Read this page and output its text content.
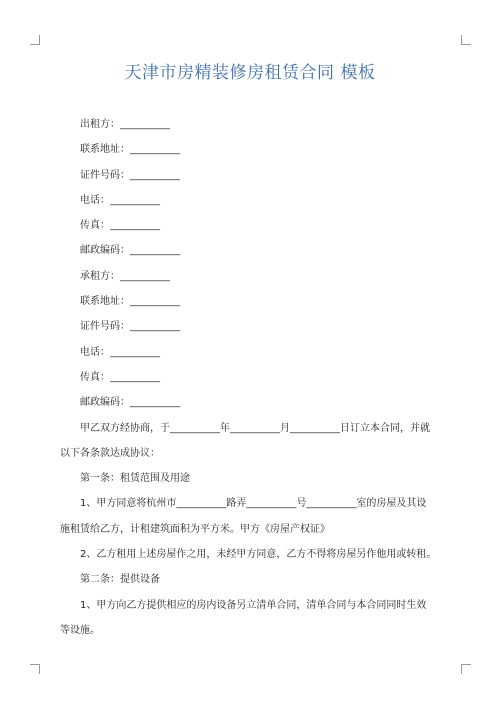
天津市房精装修房租赁合同 模板
出租方：__________
联系地址：__________
证件号码：__________
电话：__________
传真：__________
邮政编码：__________
承租方：__________
联系地址：__________
证件号码：__________
电话：__________
传真：__________
邮政编码：__________
甲乙双方经协商，于__________年__________月__________日订立本合同，并就
以下各条款达成协议：
第一条：租赁范围及用途
1、甲方同意将杭州市__________路弄__________号__________室的房屋及其设
施租赁给乙方，计租建筑面积为平方米。甲方《房屋产权证》
2、乙方租用上述房屋作之用，未经甲方同意，乙方不得将房屋另作他用或转租。
第二条：提供设备
1、甲方向乙方提供相应的房内设备另立清单合同，清单合同与本合同同时生效
等设施。
